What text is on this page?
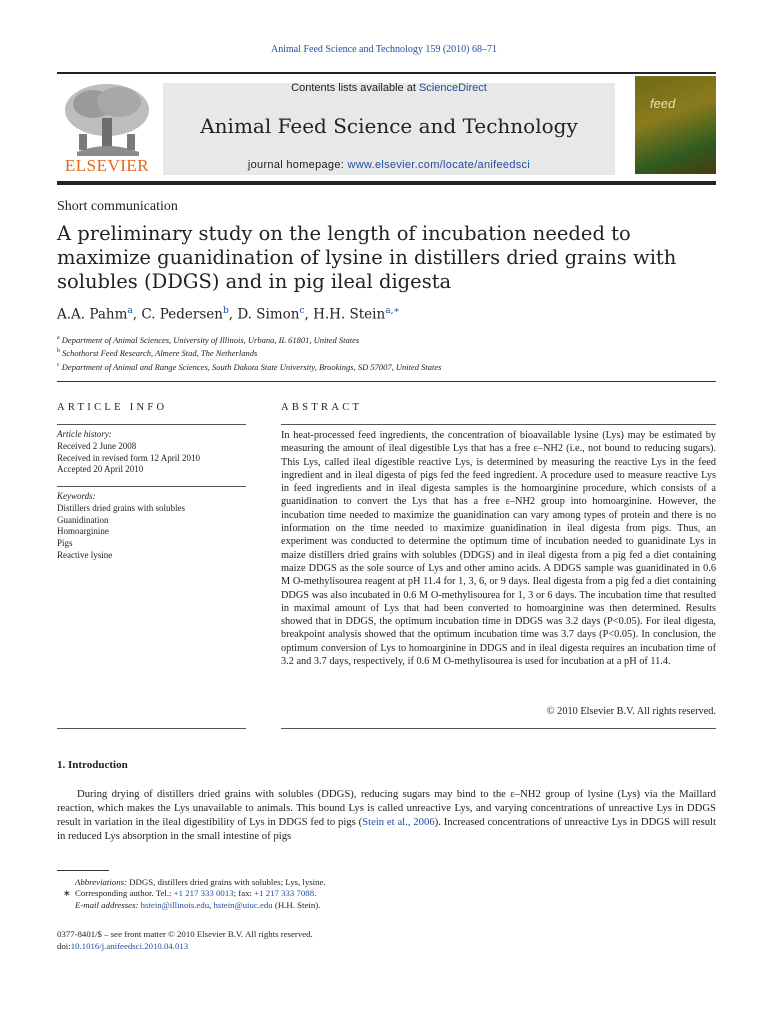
Animal Feed Science and Technology 159 (2010) 68–71
ELSEVIER
Contents lists available at ScienceDirect
Animal Feed Science and Technology
journal homepage: www.elsevier.com/locate/anifeedsci
feed
Short communication
A preliminary study on the length of incubation needed to maximize guanidination of lysine in distillers dried grains with solubles (DDGS) and in pig ileal digesta
A.A. Pahm$^a$, C. Pedersen$^b$, D. Simon$^c$, H.H. Stein$^{a,∗}$
$^a$ Department of Animal Sciences, University of Illinois, Urbana, IL 61801, United States
$^b$ Schothorst Feed Research, Almere Stad, The Netherlands
$^c$ Department of Animal and Range Sciences, South Dakota State University, Brookings, SD 57007, United States
ARTICLE INFO
Article history:
Received 2 June 2008
Received in revised form 12 April 2010
Accepted 20 April 2010
Keywords:
Distillers dried grains with solubles
Guanidination
Homoarginine
Pigs
Reactive lysine
ABSTRACT
In heat-processed feed ingredients, the concentration of bioavailable lysine (Lys) may be estimated by measuring the amount of ileal digestible Lys that has a free ε–NH2 (i.e., not bound to reducing sugars). This Lys, called ileal digestible reactive Lys, is determined by measuring the reactive Lys in the feed ingredient and in ileal digesta of pigs fed the feed ingredient. A procedure used to measure reactive Lys in feed ingredients and in ileal digesta samples is the homoarginine procedure, which consists of a guanidination to convert the Lys that has a free ε–NH2 group into homoarginine. However, the incubation time needed to maximize the guanidination can vary among types of protein and there is no information on the time needed to maximize guanidination in ileal digesta from pigs. Thus, an experiment was conducted to determine the optimum time of incubation needed to guanidinate Lys in maize distillers dried grains with solubles (DDGS) and in ileal digesta from a pig fed a diet containing maize DDGS as the sole source of Lys and other amino acids. A DDGS sample was guanidinated in 0.6 M O-methylisourea reagent at pH 11.4 for 1, 3, 6, or 9 days. Ileal digesta from a pig fed a diet containing DDGS was also incubated in 0.6 M O-methylisourea for 1, 3 or 6 days. The incubation time that resulted in maximal amount of Lys that had been converted to homoarginine was then determined. Results showed that in DDGS, the optimum incubation time in DDGS was 3.2 days (P<0.05). For ileal digesta, breakpoint analysis showed that the optimum incubation time was 3.7 days (P<0.05). In conclusion, the optimum conversion of Lys to homoarginine in DDGS and in ileal digesta requires an incubation time of 3.2 and 3.7 days, respectively, if 0.6 M O-methylisourea is used for incubation at a pH of 11.4.
© 2010 Elsevier B.V. All rights reserved.
1. Introduction
During drying of distillers dried grains with solubles (DDGS), reducing sugars may bind to the ε–NH2 group of lysine (Lys) via the Maillard reaction, which makes the Lys unavailable to animals. This bound Lys is called unreactive Lys, and varying concentrations of unreactive Lys in DDGS result in variation in the ileal digestibility of Lys in DDGS fed to pigs (Stein et al., 2006). Increased concentrations of unreactive Lys in DDGS will result in reduced Lys absorption in the small intestine of pigs
Abbreviations: DDGS, distillers dried grains with solubles; Lys, lysine.
∗ Corresponding author. Tel.: +1 217 333 0013; fax: +1 217 333 7088.
E-mail addresses: hstein@illinois.edu, hstein@uiuc.edu (H.H. Stein).
0377-8401/$ – see front matter © 2010 Elsevier B.V. All rights reserved.
doi:10.1016/j.anifeedsci.2010.04.013
